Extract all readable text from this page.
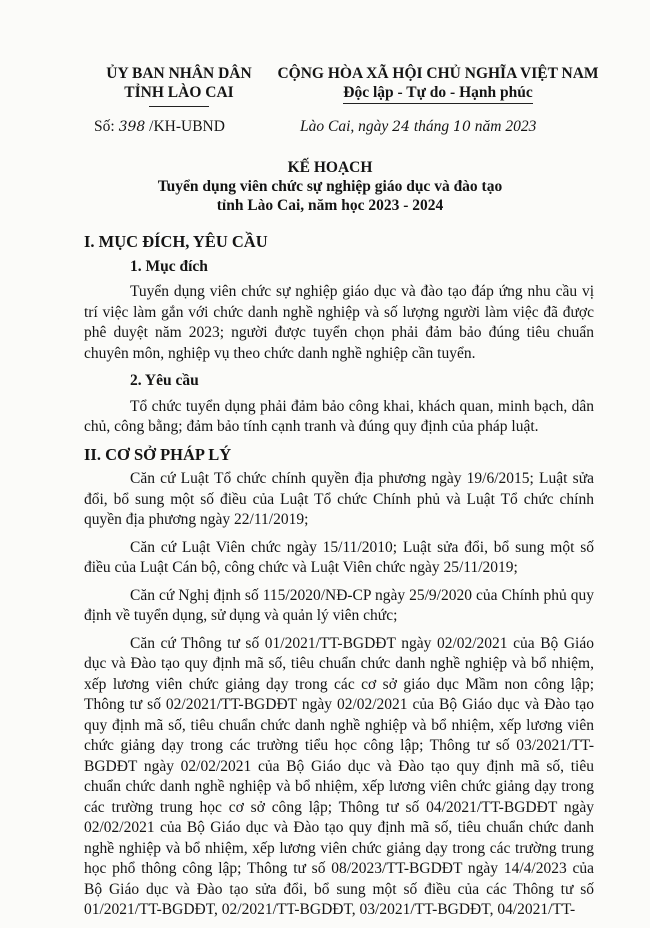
ỦY BAN NHÂN DÂN
TỈNH LÀO CAI
CỘNG HÒA XÃ HỘI CHỦ NGHĨA VIỆT NAM
Độc lập - Tự do - Hạnh phúc
Số: 398 /KH-UBND	Lào Cai, ngày 24 tháng 10 năm 2023
KẾ HOẠCH
Tuyển dụng viên chức sự nghiệp giáo dục và đào tạo
tỉnh Lào Cai, năm học 2023 - 2024
I. MỤC ĐÍCH, YÊU CẦU
1. Mục đích
Tuyển dụng viên chức sự nghiệp giáo dục và đào tạo đáp ứng nhu cầu vị trí việc làm gắn với chức danh nghề nghiệp và số lượng người làm việc đã được phê duyệt năm 2023; người được tuyển chọn phải đảm bảo đúng tiêu chuẩn chuyên môn, nghiệp vụ theo chức danh nghề nghiệp cần tuyển.
2. Yêu cầu
Tổ chức tuyển dụng phải đảm bảo công khai, khách quan, minh bạch, dân chủ, công bằng; đảm bảo tính cạnh tranh và đúng quy định của pháp luật.
II. CƠ SỞ PHÁP LÝ
Căn cứ Luật Tổ chức chính quyền địa phương ngày 19/6/2015; Luật sửa đổi, bổ sung một số điều của Luật Tổ chức Chính phủ và Luật Tổ chức chính quyền địa phương ngày 22/11/2019;
Căn cứ Luật Viên chức ngày 15/11/2010; Luật sửa đổi, bổ sung một số điều của Luật Cán bộ, công chức và Luật Viên chức ngày 25/11/2019;
Căn cứ Nghị định số 115/2020/NĐ-CP ngày 25/9/2020 của Chính phủ quy định về tuyển dụng, sử dụng và quản lý viên chức;
Căn cứ Thông tư số 01/2021/TT-BGDĐT ngày 02/02/2021 của Bộ Giáo dục và Đào tạo quy định mã số, tiêu chuẩn chức danh nghề nghiệp và bổ nhiệm, xếp lương viên chức giảng dạy trong các cơ sở giáo dục Mầm non công lập; Thông tư số 02/2021/TT-BGDĐT ngày 02/02/2021 của Bộ Giáo dục và Đào tạo quy định mã số, tiêu chuẩn chức danh nghề nghiệp và bổ nhiệm, xếp lương viên chức giảng dạy trong các trường tiểu học công lập; Thông tư số 03/2021/TT-BGDĐT ngày 02/02/2021 của Bộ Giáo dục và Đào tạo quy định mã số, tiêu chuẩn chức danh nghề nghiệp và bổ nhiệm, xếp lương viên chức giảng dạy trong các trường trung học cơ sở công lập; Thông tư số 04/2021/TT-BGDĐT ngày 02/02/2021 của Bộ Giáo dục và Đào tạo quy định mã số, tiêu chuẩn chức danh nghề nghiệp và bổ nhiệm, xếp lương viên chức giảng dạy trong các trường trung học phổ thông công lập; Thông tư số 08/2023/TT-BGDĐT ngày 14/4/2023 của Bộ Giáo dục và Đào tạo sửa đổi, bổ sung một số điều của các Thông tư số 01/2021/TT-BGDĐT, 02/2021/TT-BGDĐT, 03/2021/TT-BGDĐT, 04/2021/TT-
